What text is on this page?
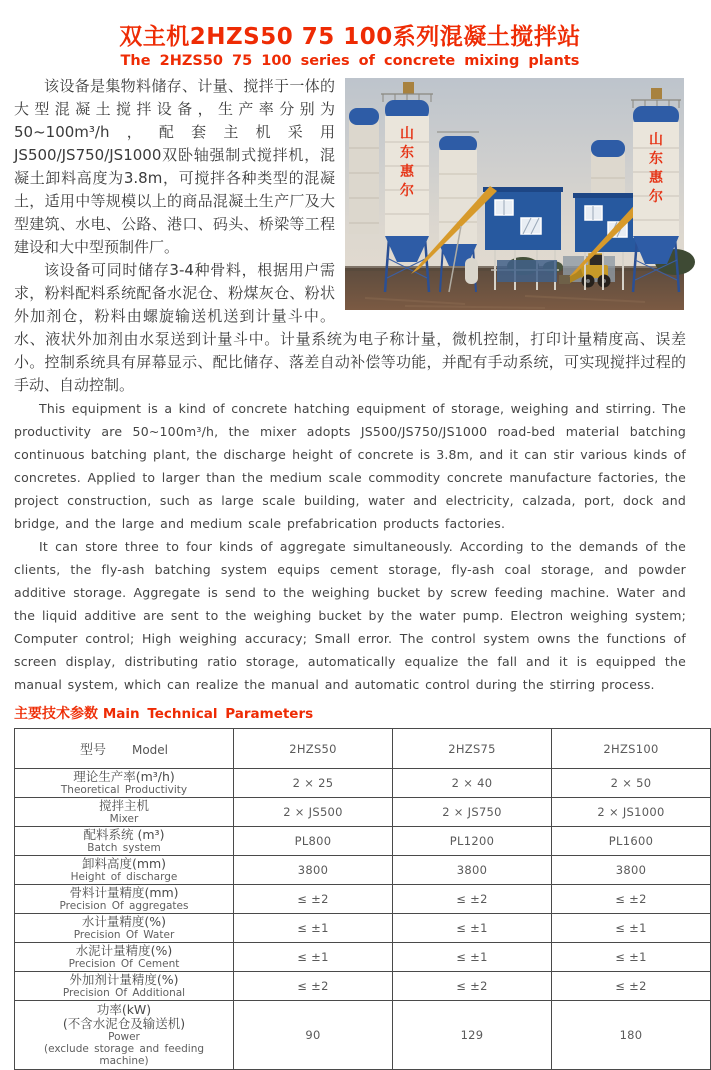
双主机2HZS50 75 100系列混凝土搅拌站
The 2HZS50 75 100 series of concrete mixing plants
山
东
惠
尔
山
东
惠
尔

该设备是集物料储存、计量、搅拌于一体的大型混凝土搅拌设备，生产率分别为50~100m³/h，配套主机采用JS500/JS750/JS1000双卧轴强制式搅拌机，混凝土卸料高度为3.8m，可搅拌各种类型的混凝土，适用中等规模以上的商品混凝土生产厂及大型建筑、水电、公路、港口、码头、桥梁等工程建设和大中型预制件厂。

该设备可同时储存3-4种骨料，根据用户需求，粉料配料系统配备水泥仓、粉煤灰仓、粉状外加剂仓，粉料由螺旋输送机送到计量斗中。水、液状外加剂由水泵送到计量斗中。计量系统为电子称计量，微机控制，打印计量精度高、误差小。控制系统具有屏幕显示、配比储存、落差自动补偿等功能，并配有手动系统，可实现搅拌过程的手动、自动控制。

This equipment is a kind of concrete hatching equipment of storage, weighing and stirring. The productivity are 50~100m³/h, the mixer adopts JS500/JS750/JS1000 road-bed material batching continuous batching plant, the discharge height of concrete is 3.8m, and it can stir various kinds of concretes. Applied to larger than the medium scale commodity concrete manufacture factories, the project construction, such as large scale building, water and electricity, calzada, port, dock and bridge, and the large and medium scale prefabrication products factories.

It can store three to four kinds of aggregate simultaneously. According to the demands of the clients, the fly-ash batching system equips cement storage, fly-ash coal storage, and powder additive storage. Aggregate is send to the weighing bucket by screw feeding machine. Water and the liquid additive are sent to the weighing bucket by the water pump. Electron weighing system; Computer control; High weighing accuracy; Small error. The control system owns the functions of screen display, distributing ratio storage, automatically equalize the fall and it is equipped the manual system, which can realize the manual and automatic control during the stirring process.

主要技术参数 Main Technical Parameters
型号 Model	2HZS50	2HZS75	2HZS100

理论生产率(m³/h)
Theoretical Productivity	2 × 25	2 × 40	2 × 50

搅拌主机
Mixer	2 × JS500	2 × JS750	2 × JS1000

配料系统 (m³)
Batch system	PL800	PL1200	PL1600

卸料高度(mm)
Height of discharge	3800	3800	3800

骨料计量精度(mm)
Precision Of aggregates	≤ ±2	≤ ±2	≤ ±2

水计量精度(%)
Precision Of Water	≤ ±1	≤ ±1	≤ ±1

水泥计量精度(%)
Precision Of Cement	≤ ±1	≤ ±1	≤ ±1

外加剂计量精度(%)
Precision Of Additional	≤ ±2	≤ ±2	≤ ±2

功率(kW)
(不含水泥仓及输送机)
Power
(exclude storage and feeding machine)	90	129	180
